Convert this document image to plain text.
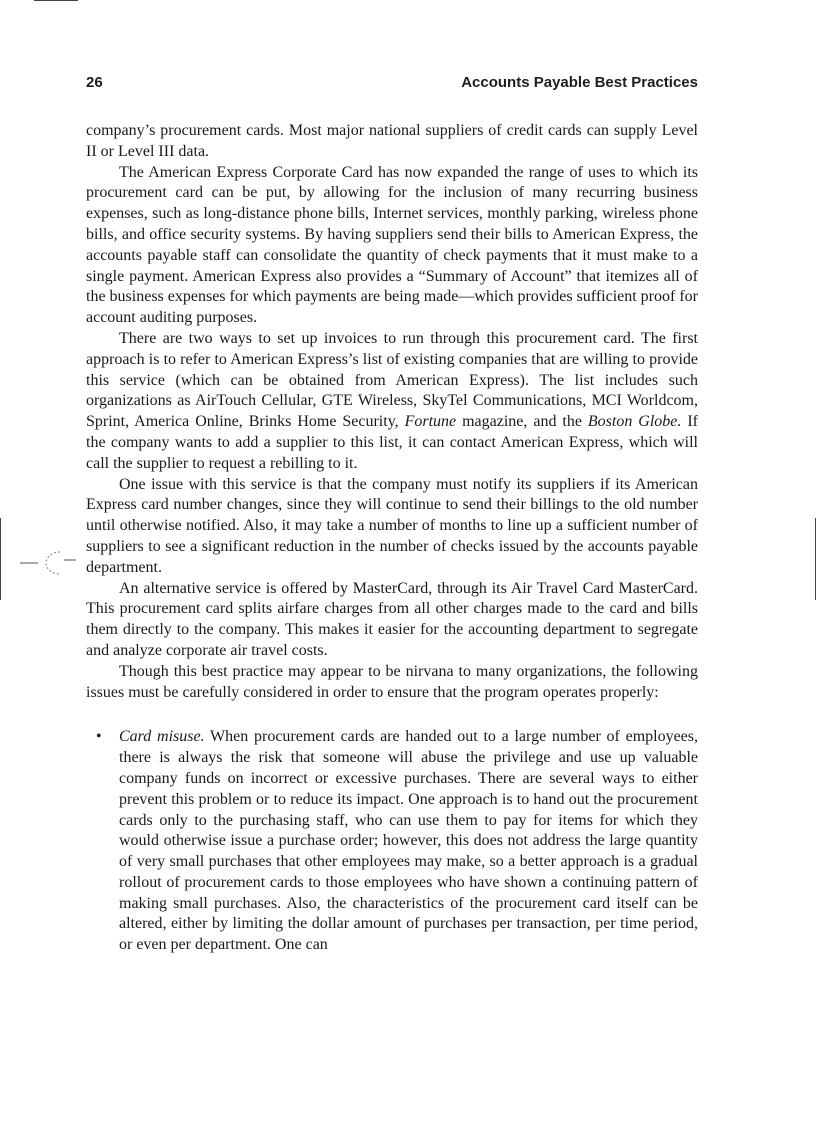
26	Accounts Payable Best Practices

company’s procurement cards. Most major national suppliers of credit cards can supply Level II or Level III data.

The American Express Corporate Card has now expanded the range of uses to which its procurement card can be put, by allowing for the inclusion of many recurring business expenses, such as long-distance phone bills, Internet services, monthly parking, wireless phone bills, and office security systems. By having suppliers send their bills to American Express, the accounts payable staff can consolidate the quantity of check payments that it must make to a single payment. American Express also provides a “Summary of Account” that itemizes all of the business expenses for which payments are being made—which provides sufficient proof for account auditing purposes.

There are two ways to set up invoices to run through this procurement card. The first approach is to refer to American Express’s list of existing companies that are willing to provide this service (which can be obtained from American Express). The list includes such organizations as AirTouch Cellular, GTE Wireless, SkyTel Communications, MCI Worldcom, Sprint, America Online, Brinks Home Security, Fortune magazine, and the Boston Globe. If the company wants to add a supplier to this list, it can contact American Express, which will call the supplier to request a rebilling to it.

One issue with this service is that the company must notify its suppliers if its American Express card number changes, since they will continue to send their billings to the old number until otherwise notified. Also, it may take a number of months to line up a sufficient number of suppliers to see a significant reduction in the number of checks issued by the accounts payable department.

An alternative service is offered by MasterCard, through its Air Travel Card MasterCard. This procurement card splits airfare charges from all other charges made to the card and bills them directly to the company. This makes it easier for the accounting department to segregate and analyze corporate air travel costs.

Though this best practice may appear to be nirvana to many organizations, the following issues must be carefully considered in order to ensure that the program operates properly:

• Card misuse. When procurement cards are handed out to a large number of employees, there is always the risk that someone will abuse the privilege and use up valuable company funds on incorrect or excessive purchases. There are several ways to either prevent this problem or to reduce its impact. One approach is to hand out the procurement cards only to the purchasing staff, who can use them to pay for items for which they would otherwise issue a purchase order; however, this does not address the large quantity of very small purchases that other employees may make, so a better approach is a gradual rollout of procurement cards to those employees who have shown a continuing pattern of making small purchases. Also, the characteristics of the procurement card itself can be altered, either by limiting the dollar amount of purchases per transaction, per time period, or even per department. One can
